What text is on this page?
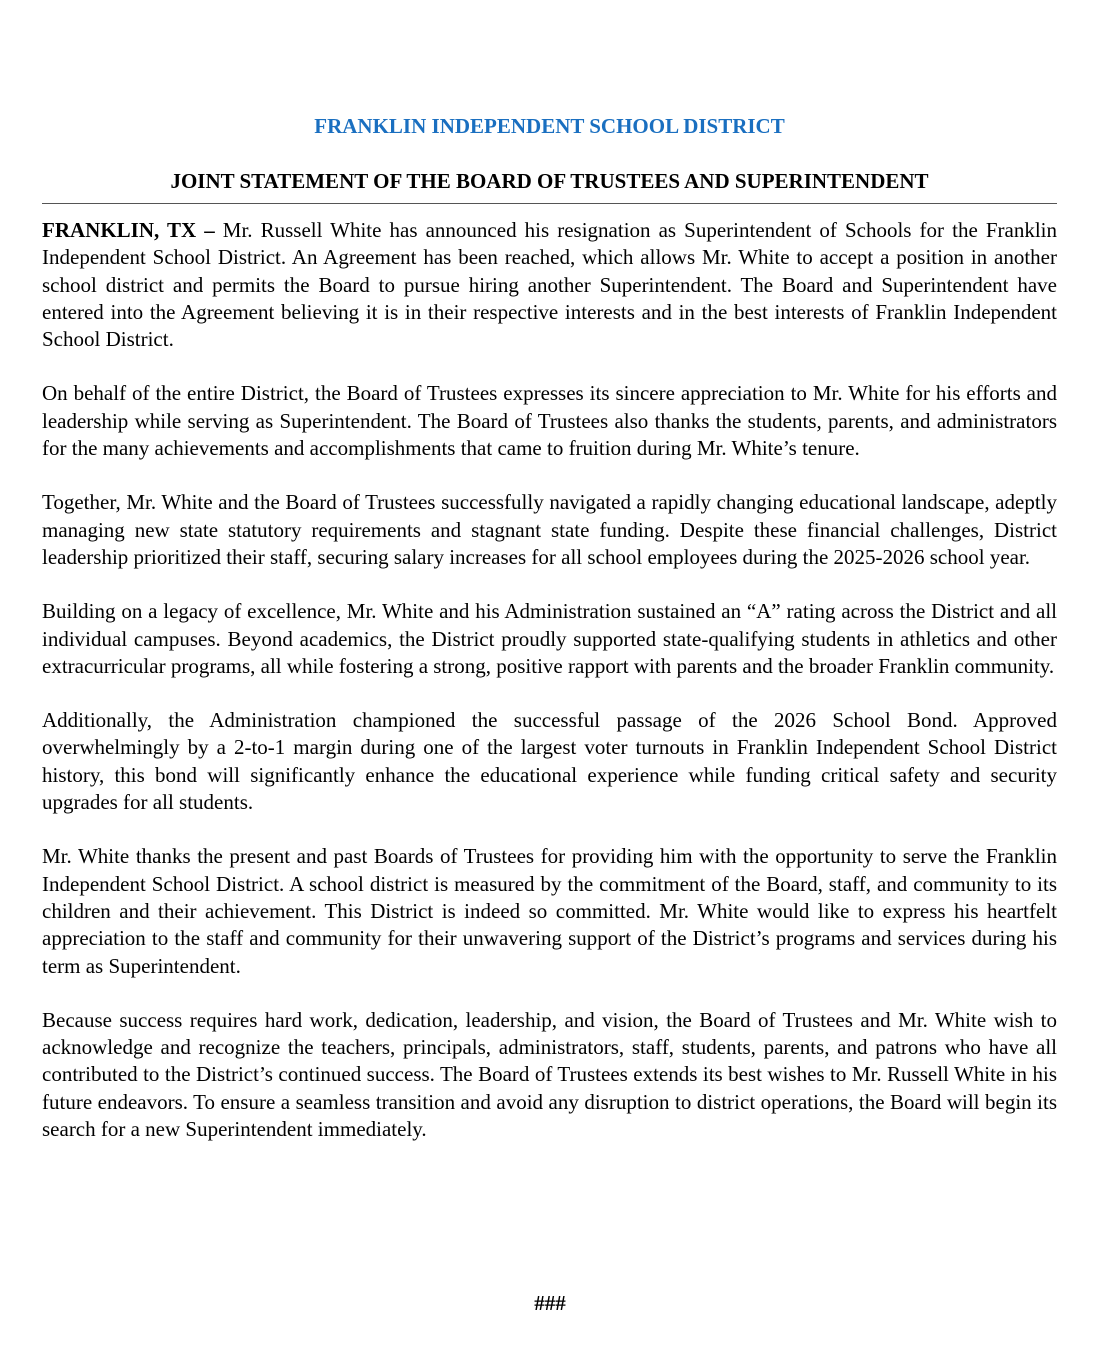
FRANKLIN INDEPENDENT SCHOOL DISTRICT
JOINT STATEMENT OF THE BOARD OF TRUSTEES AND SUPERINTENDENT

FRANKLIN, TX – Mr. Russell White has announced his resignation as Superintendent of Schools for the Franklin Independent School District. An Agreement has been reached, which allows Mr. White to accept a position in another school district and permits the Board to pursue hiring another Superintendent. The Board and Superintendent have entered into the Agreement believing it is in their respective interests and in the best interests of Franklin Independent School District.

On behalf of the entire District, the Board of Trustees expresses its sincere appreciation to Mr. White for his efforts and leadership while serving as Superintendent. The Board of Trustees also thanks the students, parents, and administrators for the many achievements and accomplishments that came to fruition during Mr. White’s tenure.

Together, Mr. White and the Board of Trustees successfully navigated a rapidly changing educational landscape, adeptly managing new state statutory requirements and stagnant state funding. Despite these financial challenges, District leadership prioritized their staff, securing salary increases for all school employees during the 2025-2026 school year.

Building on a legacy of excellence, Mr. White and his Administration sustained an “A” rating across the District and all individual campuses. Beyond academics, the District proudly supported state-qualifying students in athletics and other extracurricular programs, all while fostering a strong, positive rapport with parents and the broader Franklin community.

Additionally, the Administration championed the successful passage of the 2026 School Bond. Approved overwhelmingly by a 2-to-1 margin during one of the largest voter turnouts in Franklin Independent School District history, this bond will significantly enhance the educational experience while funding critical safety and security upgrades for all students.

Mr. White thanks the present and past Boards of Trustees for providing him with the opportunity to serve the Franklin Independent School District. A school district is measured by the commitment of the Board, staff, and community to its children and their achievement. This District is indeed so committed. Mr. White would like to express his heartfelt appreciation to the staff and community for their unwavering support of the District’s programs and services during his term as Superintendent.

Because success requires hard work, dedication, leadership, and vision, the Board of Trustees and Mr. White wish to acknowledge and recognize the teachers, principals, administrators, staff, students, parents, and patrons who have all contributed to the District’s continued success. The Board of Trustees extends its best wishes to Mr. Russell White in his future endeavors. To ensure a seamless transition and avoid any disruption to district operations, the Board will begin its search for a new Superintendent immediately.

###
